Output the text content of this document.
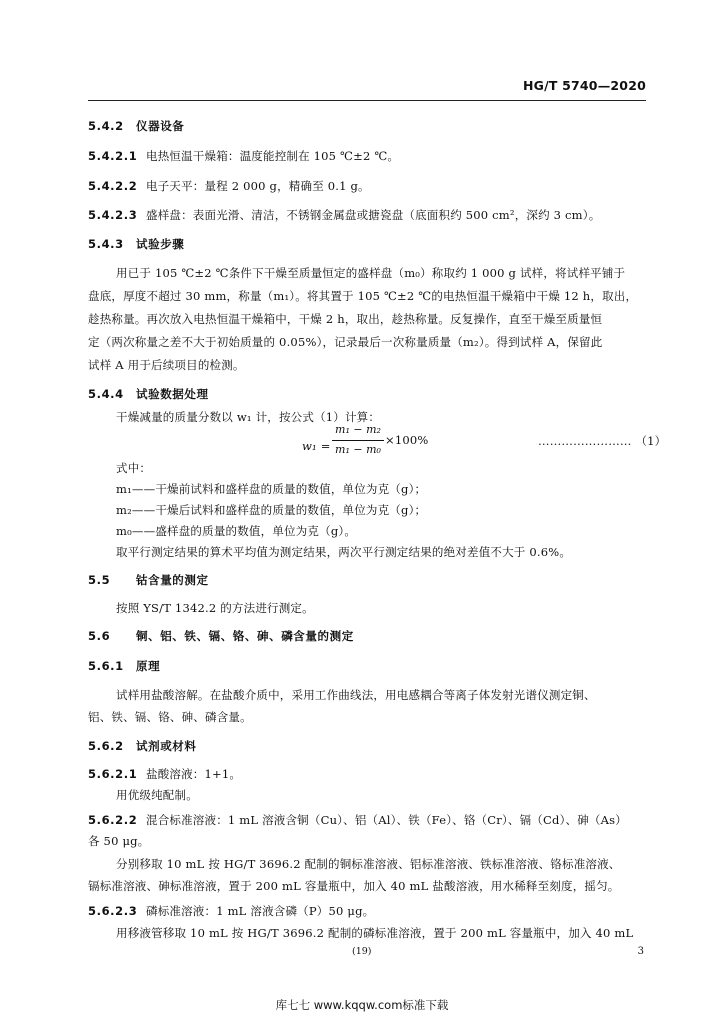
HG/T 5740—2020
5.4.2 仪器设备
5.4.2.1 电热恒温干燥箱：温度能控制在 105 ℃±2 ℃。
5.4.2.2 电子天平：量程 2 000 g，精确至 0.1 g。
5.4.2.3 盛样盘：表面光滑、清洁，不锈钢金属盘或搪瓷盘（底面积约 500 cm²，深约 3 cm）。
5.4.3 试验步骤
用已于 105 ℃±2 ℃条件下干燥至质量恒定的盛样盘（m₀）称取约 1 000 g 试样，将试样平铺于
盘底，厚度不超过 30 mm，称量（m₁）。将其置于 105 ℃±2 ℃的电热恒温干燥箱中干燥 12 h，取出，
趁热称量。再次放入电热恒温干燥箱中，干燥 2 h，取出，趁热称量。反复操作，直至干燥至质量恒
定（两次称量之差不大于初始质量的 0.05%），记录最后一次称量质量（m₂）。得到试样 A，保留此
试样 A 用于后续项目的检测。
5.4.4 试验数据处理
干燥减量的质量分数以 w₁ 计，按公式（1）计算：
w₁ =
m₁ − m₂
m₁ − m₀
×100%	…………………… （1）
式中：
m₁——干燥前试料和盛样盘的质量的数值，单位为克（g）；
m₂——干燥后试料和盛样盘的质量的数值，单位为克（g）；
m₀——盛样盘的质量的数值，单位为克（g）。
取平行测定结果的算术平均值为测定结果，两次平行测定结果的绝对差值不大于 0.6%。
5.5 钴含量的测定
按照 YS/T 1342.2 的方法进行测定。
5.6 铜、铝、铁、镉、铬、砷、磷含量的测定
5.6.1 原理
试样用盐酸溶解。在盐酸介质中，采用工作曲线法，用电感耦合等离子体发射光谱仪测定铜、
铝、铁、镉、铬、砷、磷含量。
5.6.2 试剂或材料
5.6.2.1 盐酸溶液：1+1。
用优级纯配制。
5.6.2.2 混合标准溶液：1 mL 溶液含铜（Cu）、铝（Al）、铁（Fe）、铬（Cr）、镉（Cd）、砷（As）
各 50 μg。
分别移取 10 mL 按 HG/T 3696.2 配制的铜标准溶液、铝标准溶液、铁标准溶液、铬标准溶液、
镉标准溶液、砷标准溶液，置于 200 mL 容量瓶中，加入 40 mL 盐酸溶液，用水稀释至刻度，摇匀。
5.6.2.3 磷标准溶液：1 mL 溶液含磷（P）50 μg。
用移液管移取 10 mL 按 HG/T 3696.2 配制的磷标准溶液，置于 200 mL 容量瓶中，加入 40 mL
(19)	3
库七七 www.kqqw.com标准下载
